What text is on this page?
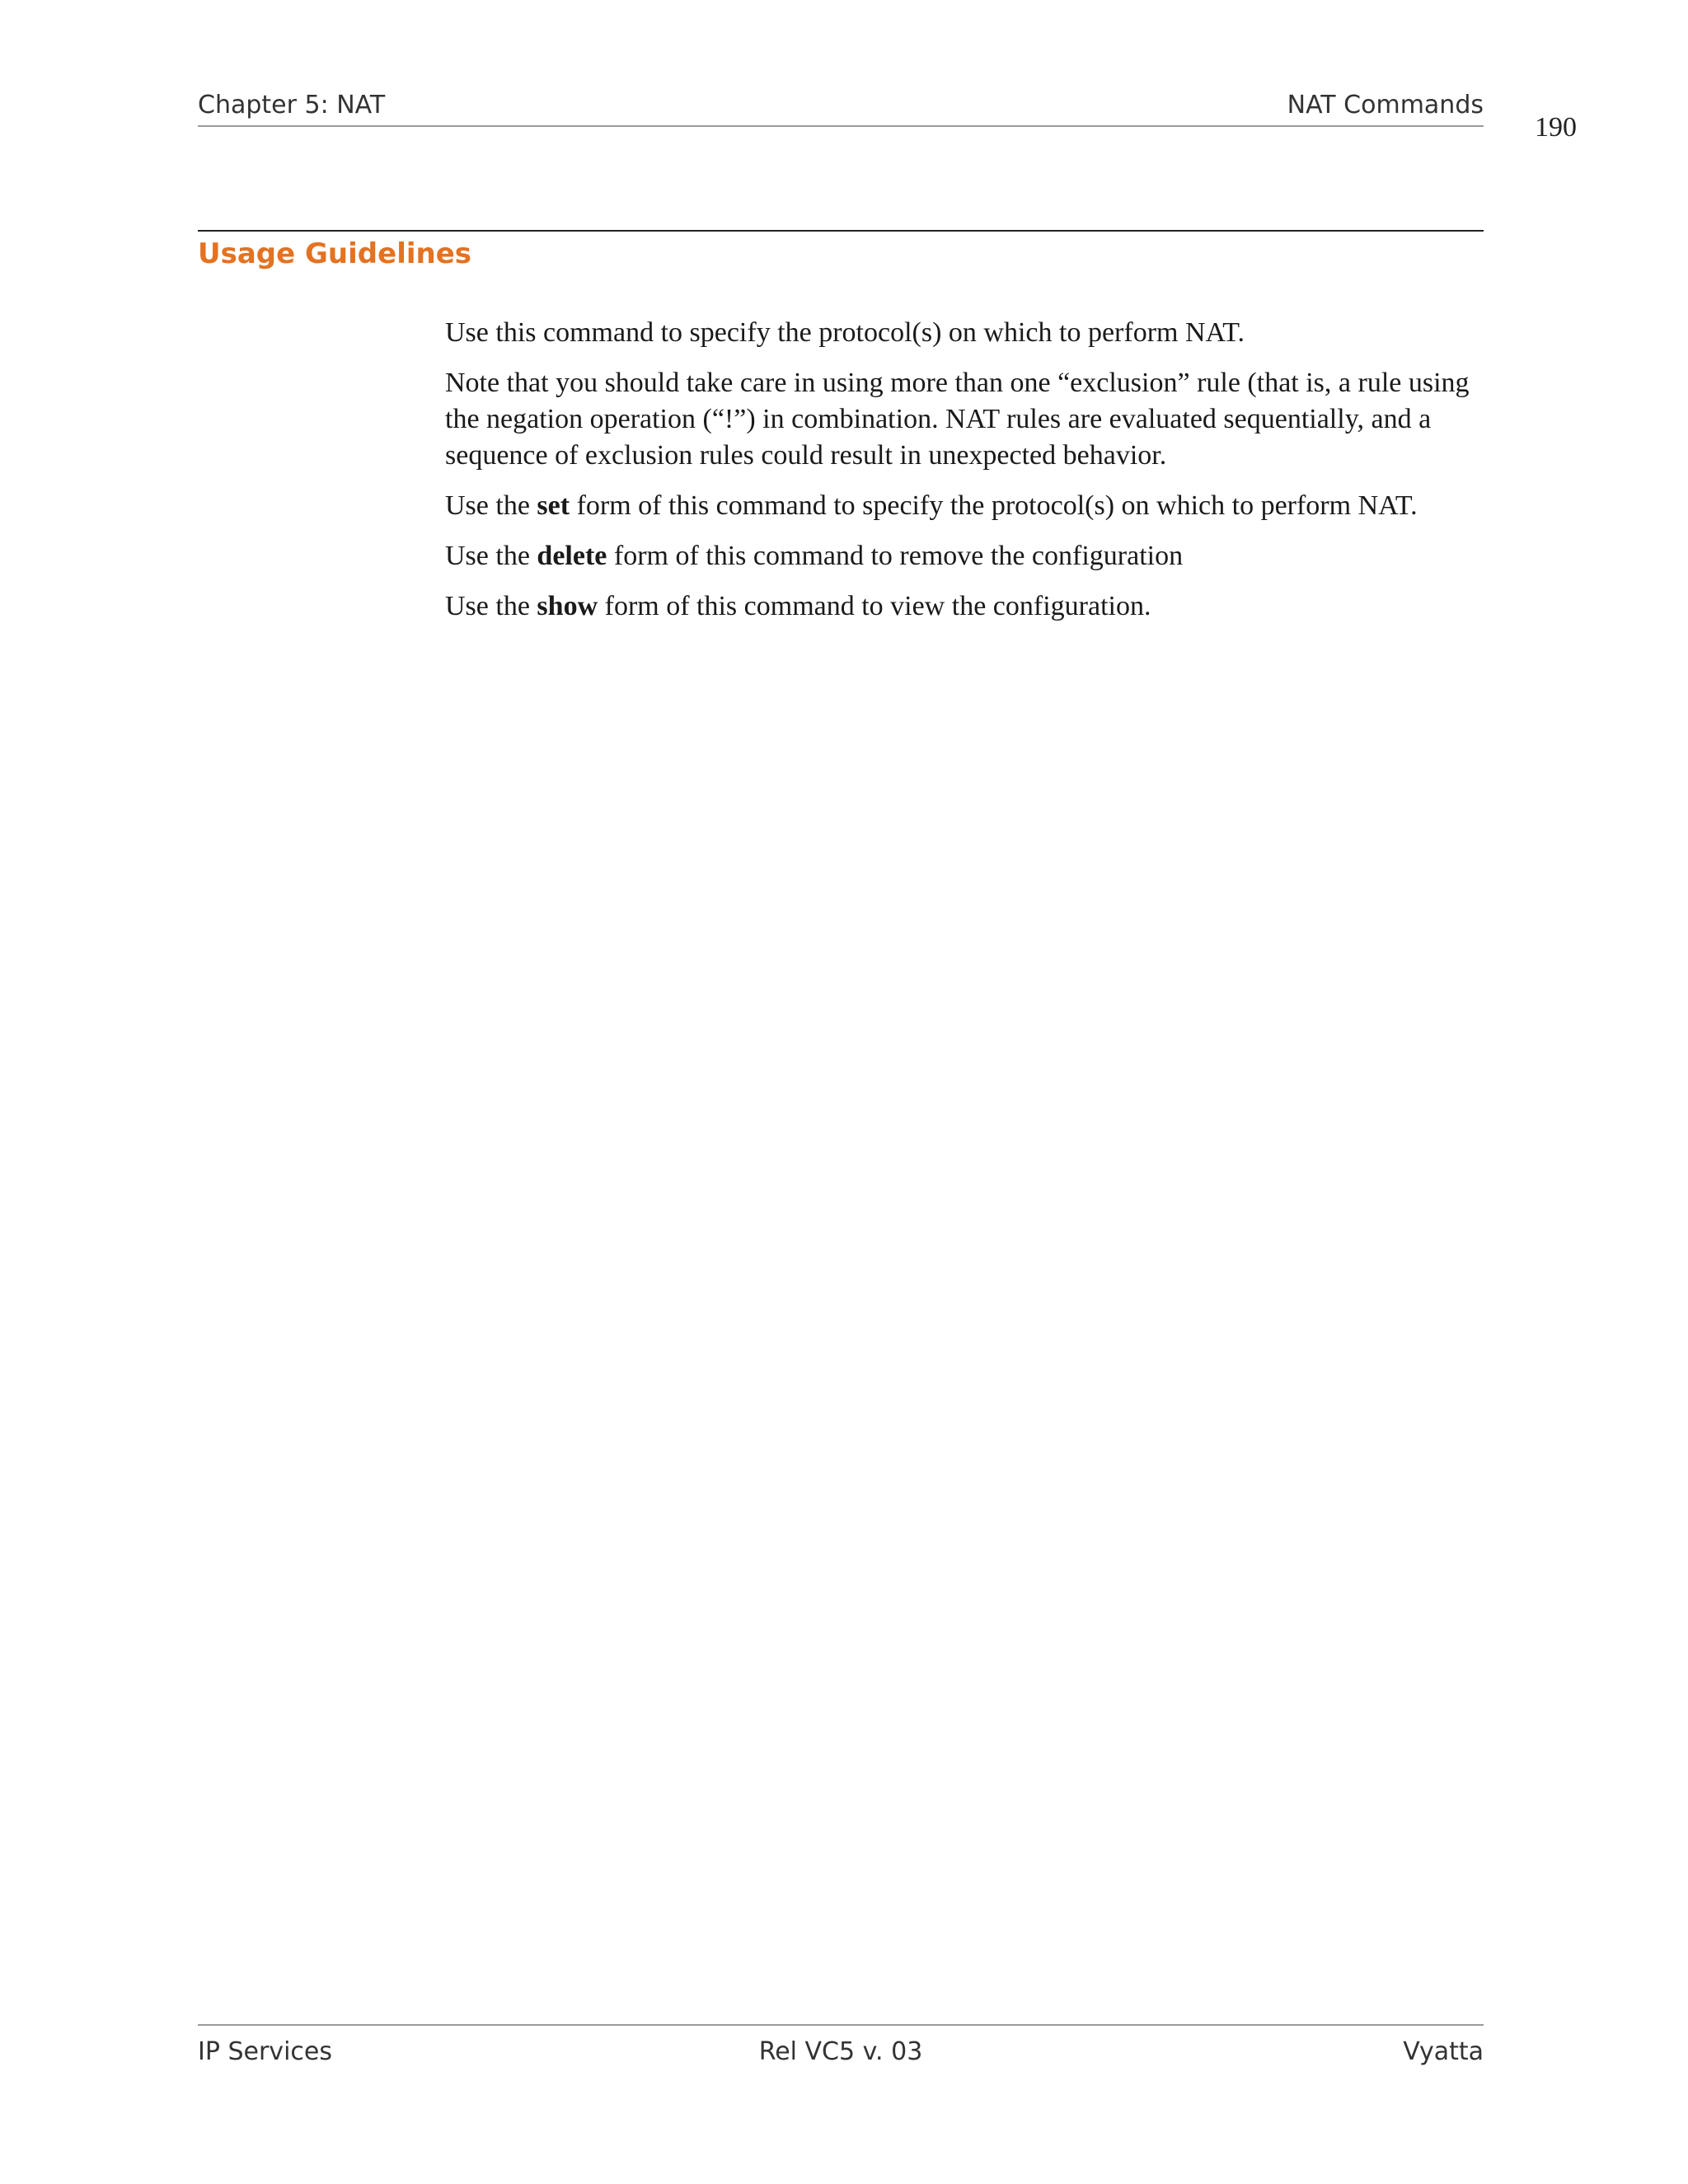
Chapter 5: NAT	NAT Commands
190
Usage Guidelines

Use this command to specify the protocol(s) on which to perform NAT.

Note that you should take care in using more than one “exclusion” rule (that is, a rule using the negation operation (“!”) in combination. NAT rules are evaluated sequentially, and a sequence of exclusion rules could result in unexpected behavior.

Use the set form of this command to specify the protocol(s) on which to perform NAT.

Use the delete form of this command to remove the configuration

Use the show form of this command to view the configuration.

IP Services	Rel VC5 v. 03	Vyatta
